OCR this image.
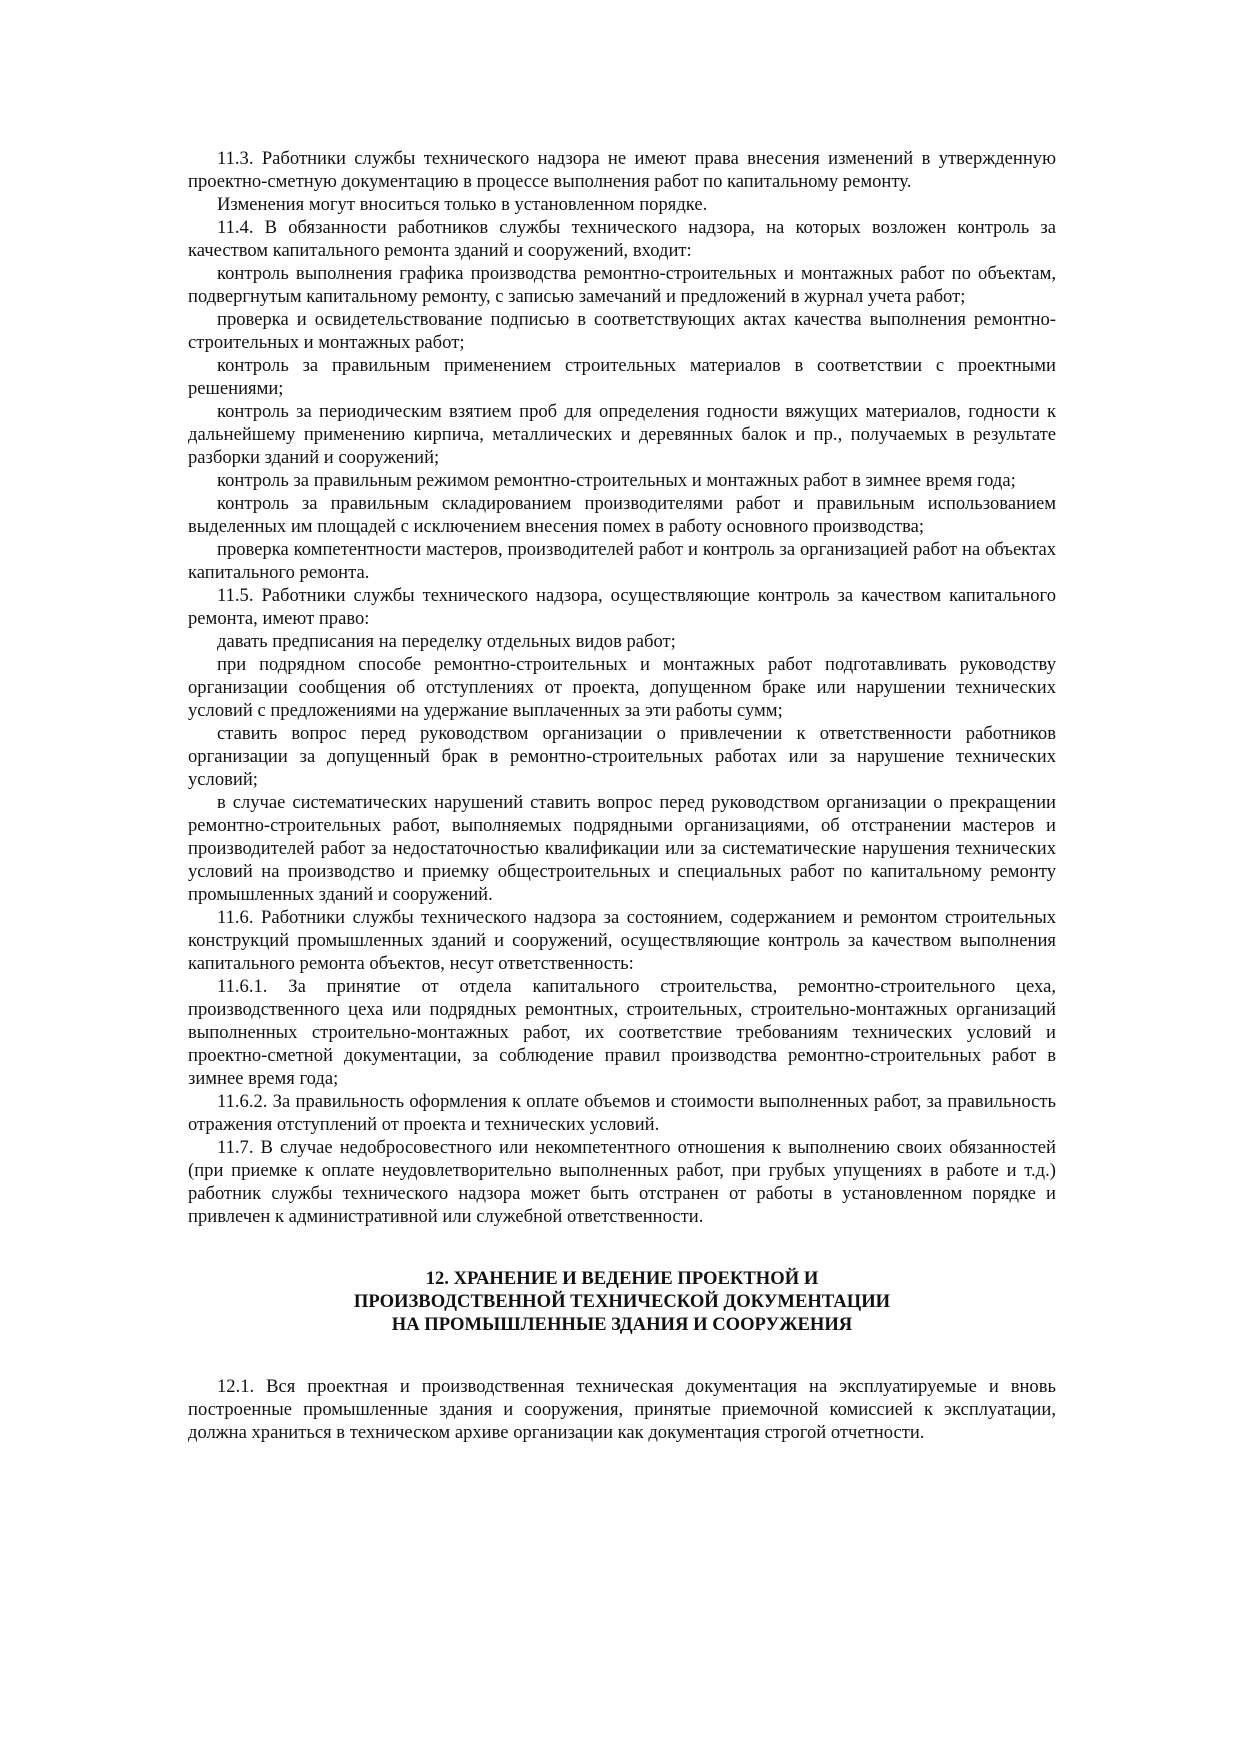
11.3. Работники службы технического надзора не имеют права внесения изменений в утвержденную проектно-сметную документацию в процессе выполнения работ по капитальному ремонту.

Изменения могут вноситься только в установленном порядке.

11.4. В обязанности работников службы технического надзора, на которых возложен контроль за качеством капитального ремонта зданий и сооружений, входит:

контроль выполнения графика производства ремонтно-строительных и монтажных работ по объектам, подвергнутым капитальному ремонту, с записью замечаний и предложений в журнал учета работ;

проверка и освидетельствование подписью в соответствующих актах качества выполнения ремонтно-строительных и монтажных работ;

контроль за правильным применением строительных материалов в соответствии с проектными решениями;

контроль за периодическим взятием проб для определения годности вяжущих материалов, годности к дальнейшему применению кирпича, металлических и деревянных балок и пр., получаемых в результате разборки зданий и сооружений;

контроль за правильным режимом ремонтно-строительных и монтажных работ в зимнее время года;

контроль за правильным складированием производителями работ и правильным использованием выделенных им площадей с исключением внесения помех в работу основного производства;

проверка компетентности мастеров, производителей работ и контроль за организацией работ на объектах капитального ремонта.

11.5. Работники службы технического надзора, осуществляющие контроль за качеством капитального ремонта, имеют право:

давать предписания на переделку отдельных видов работ;

при подрядном способе ремонтно-строительных и монтажных работ подготавливать руководству организации сообщения об отступлениях от проекта, допущенном браке или нарушении технических условий с предложениями на удержание выплаченных за эти работы сумм;

ставить вопрос перед руководством организации о привлечении к ответственности работников организации за допущенный брак в ремонтно-строительных работах или за нарушение технических условий;

в случае систематических нарушений ставить вопрос перед руководством организации о прекращении ремонтно-строительных работ, выполняемых подрядными организациями, об отстранении мастеров и производителей работ за недостаточностью квалификации или за систематические нарушения технических условий на производство и приемку общестроительных и специальных работ по капитальному ремонту промышленных зданий и сооружений.

11.6. Работники службы технического надзора за состоянием, содержанием и ремонтом строительных конструкций промышленных зданий и сооружений, осуществляющие контроль за качеством выполнения капитального ремонта объектов, несут ответственность:

11.6.1. За принятие от отдела капитального строительства, ремонтно-строительного цеха, производственного цеха или подрядных ремонтных, строительных, строительно-монтажных организаций выполненных строительно-монтажных работ, их соответствие требованиям технических условий и проектно-сметной документации, за соблюдение правил производства ремонтно-строительных работ в зимнее время года;

11.6.2. За правильность оформления к оплате объемов и стоимости выполненных работ, за правильность отражения отступлений от проекта и технических условий.

11.7. В случае недобросовестного или некомпетентного отношения к выполнению своих обязанностей (при приемке к оплате неудовлетворительно выполненных работ, при грубых упущениях в работе и т.д.) работник службы технического надзора может быть отстранен от работы в установленном порядке и привлечен к административной или служебной ответственности.

12. ХРАНЕНИЕ И ВЕДЕНИЕ ПРОЕКТНОЙ И
ПРОИЗВОДСТВЕННОЙ ТЕХНИЧЕСКОЙ ДОКУМЕНТАЦИИ
НА ПРОМЫШЛЕННЫЕ ЗДАНИЯ И СООРУЖЕНИЯ

12.1. Вся проектная и производственная техническая документация на эксплуатируемые и вновь построенные промышленные здания и сооружения, принятые приемочной комиссией к эксплуатации, должна храниться в техническом архиве организации как документация строгой отчетности.
